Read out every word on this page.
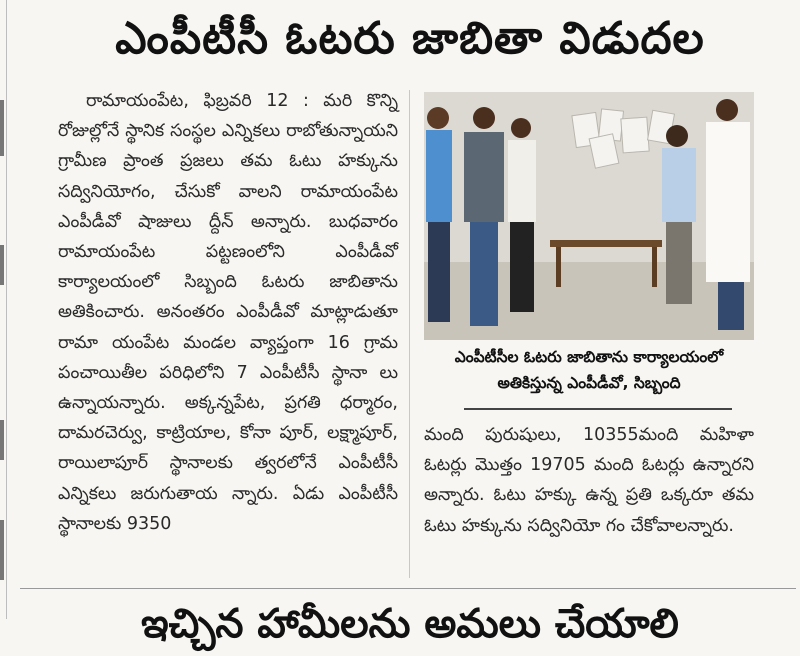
ఎంపీటీసీ ఓటరు జాబితా విడుదల

రామాయంపేట, ఫిబ్రవరి 12 : మరి కొన్ని రోజుల్లోనే స్థానిక సంస్థల ఎన్నికలు రాబోతున్నాయని గ్రామీణ ప్రాంత ప్రజలు తమ ఓటు హక్కును సద్వినియోగం, చేసుకో వాలని రామాయంపేట ఎంపీడీవో షాజులు ద్దీన్ అన్నారు. బుధవారం రామాయంపేట పట్టణంలోని ఎంపీడీవో కార్యాలయంలో సిబ్బంది ఓటరు జాబితాను అతికించారు. అనంతరం ఎంపీడీవో మాట్లాడుతూ రామా యంపేట మండల వ్యాప్తంగా 16 గ్రామ పంచాయితీల పరిధిలోని 7 ఎంపీటీసీ స్థానా లు ఉన్నాయన్నారు. అక్కన్నపేట, ప్రగతి ధర్మారం, దామరచెర్వు, కాట్రియాల, కోనా పూర్, లక్ష్మాపూర్, రాయిలాపూర్ స్థానాలకు త్వరలోనే ఎంపీటీసీ ఎన్నికలు జరుగుతాయ న్నారు. ఏడు ఎంపీటీసీ స్థానాలకు 9350

ఎంపీటీసీల ఓటరు జాబితాను కార్యాలయంలో
అతికిస్తున్న ఎంపీడీవో, సిబ్బంది

మంది పురుషులు, 10355మంది మహిళా ఓటర్లు మొత్తం 19705 మంది ఓటర్లు ఉన్నారని అన్నారు. ఓటు హక్కు ఉన్న ప్రతి ఒక్కరూ తమ ఓటు హక్కును సద్వినియో గం చేకోవాలన్నారు.

ఇచ్చిన హామీలను అమలు చేయాలి
